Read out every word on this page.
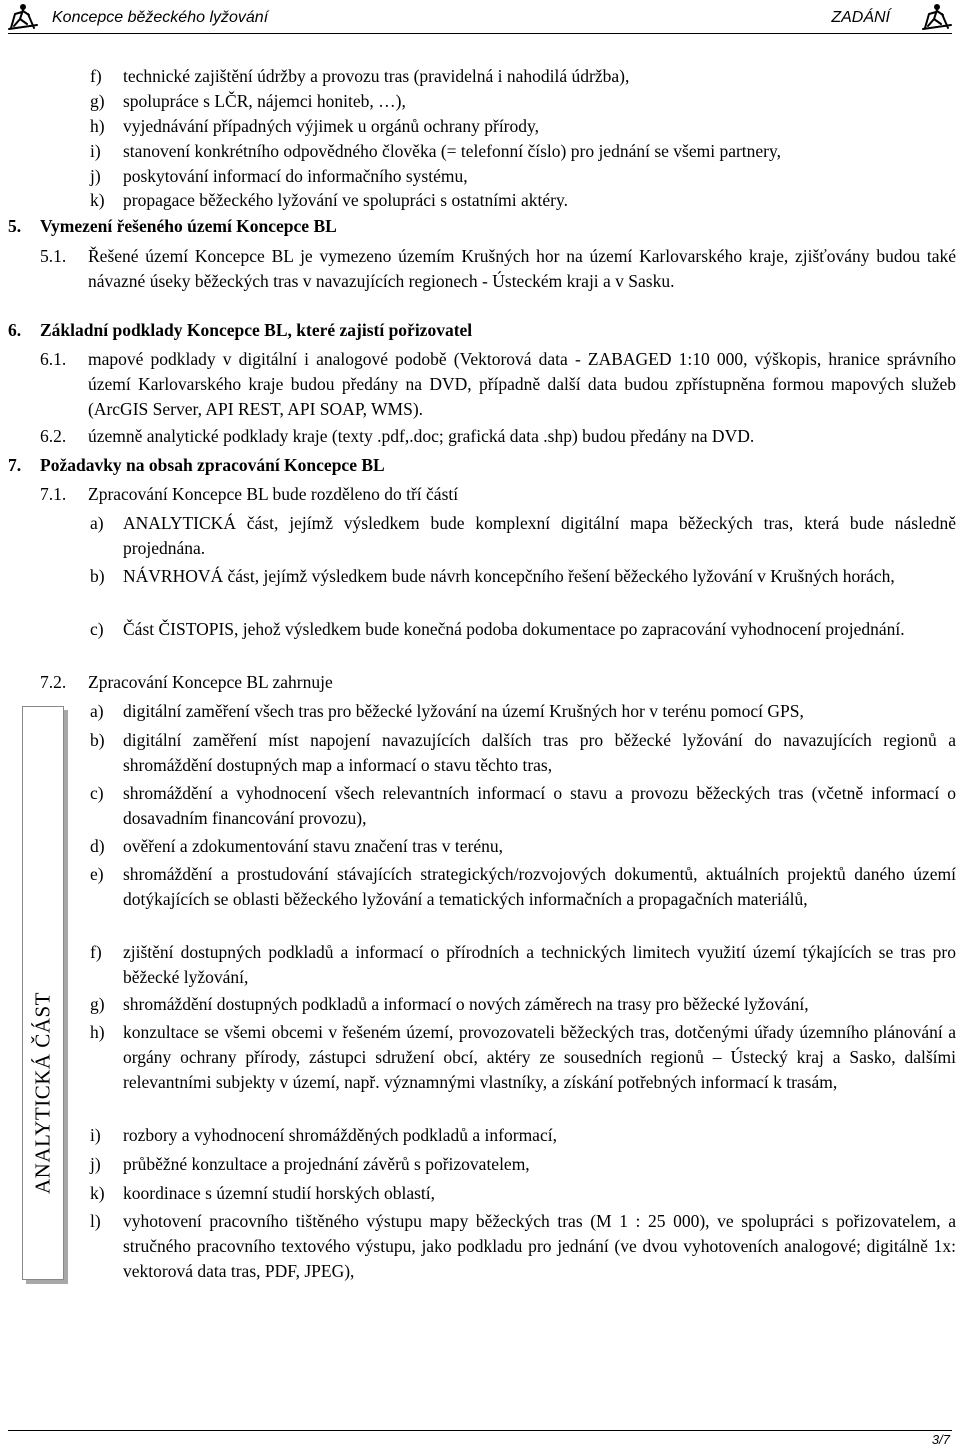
Koncepce běžeckého lyžování	ZADÁNÍ
f)	technické zajištění údržby a provozu tras (pravidelná i nahodilá údržba),
g)	spolupráce s LČR, nájemci honiteb, …),
h)	vyjednávání případných výjimek u orgánů ochrany přírody,
i)	stanovení konkrétního odpovědného člověka (= telefonní číslo) pro jednání se všemi partnery,
j)	poskytování informací do informačního systému,
k)	propagace běžeckého lyžování ve spolupráci s ostatními aktéry.
5.	Vymezení řešeného území Koncepce BL
5.1.	Řešené území Koncepce BL je vymezeno územím Krušných hor na území Karlovarského kraje, zjišťovány budou také návazné úseky běžeckých tras v navazujících regionech - Ústeckém kraji a v Sasku.
6.	Základní podklady Koncepce BL, které zajistí pořizovatel
6.1.	mapové podklady v digitální i analogové podobě (Vektorová data - ZABAGED 1:10 000, výškopis, hranice správního území Karlovarského kraje budou předány na DVD, případně další data budou zpřístupněna formou mapových služeb (ArcGIS Server, API REST, API SOAP, WMS).
6.2.	územně analytické podklady kraje (texty .pdf,.doc; grafická data .shp) budou předány na DVD.
7.	Požadavky na obsah zpracování Koncepce BL
7.1.	Zpracování Koncepce BL bude rozděleno do tří částí
a)	ANALYTICKÁ část, jejímž výsledkem bude komplexní digitální mapa běžeckých tras, která bude následně projednána.
b)	NÁVRHOVÁ část, jejímž výsledkem bude návrh koncepčního řešení běžeckého lyžování v Krušných horách,
c)	Část ČISTOPIS, jehož výsledkem bude konečná podoba dokumentace po zapracování vyhodnocení projednání.
7.2.	Zpracování Koncepce BL zahrnuje
a)	digitální zaměření všech tras pro běžecké lyžování na území Krušných hor v terénu pomocí GPS,
b)	digitální zaměření míst napojení navazujících dalších tras pro běžecké lyžování do navazujících regionů a shromáždění dostupných map a informací o stavu těchto tras,
c)	shromáždění a vyhodnocení všech relevantních informací o stavu a provozu běžeckých tras (včetně informací o dosavadním financování provozu),
d)	ověření a zdokumentování stavu značení tras v terénu,
e)	shromáždění a prostudování stávajících strategických/rozvojových dokumentů, aktuálních projektů daného území dotýkajících se oblasti běžeckého lyžování a tematických informačních a propagačních materiálů,
f)	zjištění dostupných podkladů a informací o přírodních a technických limitech využití území týkajících se tras pro běžecké lyžování,
g)	shromáždění dostupných podkladů a informací o nových záměrech na trasy pro běžecké lyžování,
h)	konzultace se všemi obcemi v řešeném území, provozovateli běžeckých tras, dotčenými úřady územního plánování a orgány ochrany přírody, zástupci sdružení obcí, aktéry ze sousedních regionů – Ústecký kraj a Sasko, dalšími relevantními subjekty v území, např. významnými vlastníky, a získání potřebných informací k trasám,
i)	rozbory a vyhodnocení shromážděných podkladů a informací,
j)	průběžné konzultace a projednání závěrů s pořizovatelem,
k)	koordinace s územní studií horských oblastí,
l)	vyhotovení pracovního tištěného výstupu mapy běžeckých tras (M 1 : 25 000), ve spolupráci s pořizovatelem, a stručného pracovního textového výstupu, jako podkladu pro jednání (ve dvou vyhotoveních analogové; digitálně 1x: vektorová data tras, PDF, JPEG),
ANALYTICKÁ ČÁST
3/7
